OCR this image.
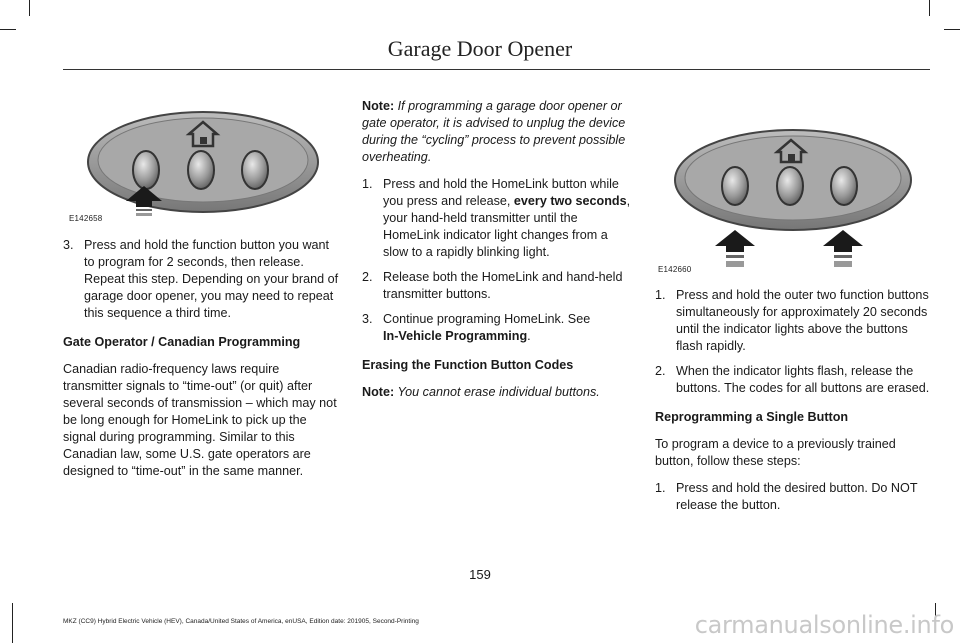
Garage Door Opener
E142658
E142660
3. Press and hold the function button you want to program for 2 seconds, then release. Repeat this step. Depending on your brand of garage door opener, you may need to repeat this sequence a third time.

Gate Operator / Canadian Programming

Canadian radio-frequency laws require transmitter signals to “time-out” (or quit) after several seconds of transmission – which may not be long enough for HomeLink to pick up the signal during programming. Similar to this Canadian law, some U.S. gate operators are designed to “time-out” in the same manner.

Note: If programming a garage door opener or gate operator, it is advised to unplug the device during the “cycling” process to prevent possible overheating.

1. Press and hold the HomeLink button while you press and release, every two seconds, your hand-held transmitter until the HomeLink indicator light changes from a slow to a rapidly blinking light.
2. Release both the HomeLink and hand-held transmitter buttons.
3. Continue programing HomeLink. See
In-Vehicle Programming.

Erasing the Function Button Codes

Note: You cannot erase individual buttons.

1. Press and hold the outer two function buttons simultaneously for approximately 20 seconds until the indicator lights above the buttons flash rapidly.
2. When the indicator lights flash, release the buttons. The codes for all buttons are erased.

Reprogramming a Single Button

To program a device to a previously trained button, follow these steps:

1. Press and hold the desired button. Do NOT release the button.
159
MKZ (CC9) Hybrid Electric Vehicle (HEV), Canada/United States of America, enUSA, Edition date: 201905, Second-Printing	carmanualsonline.info
